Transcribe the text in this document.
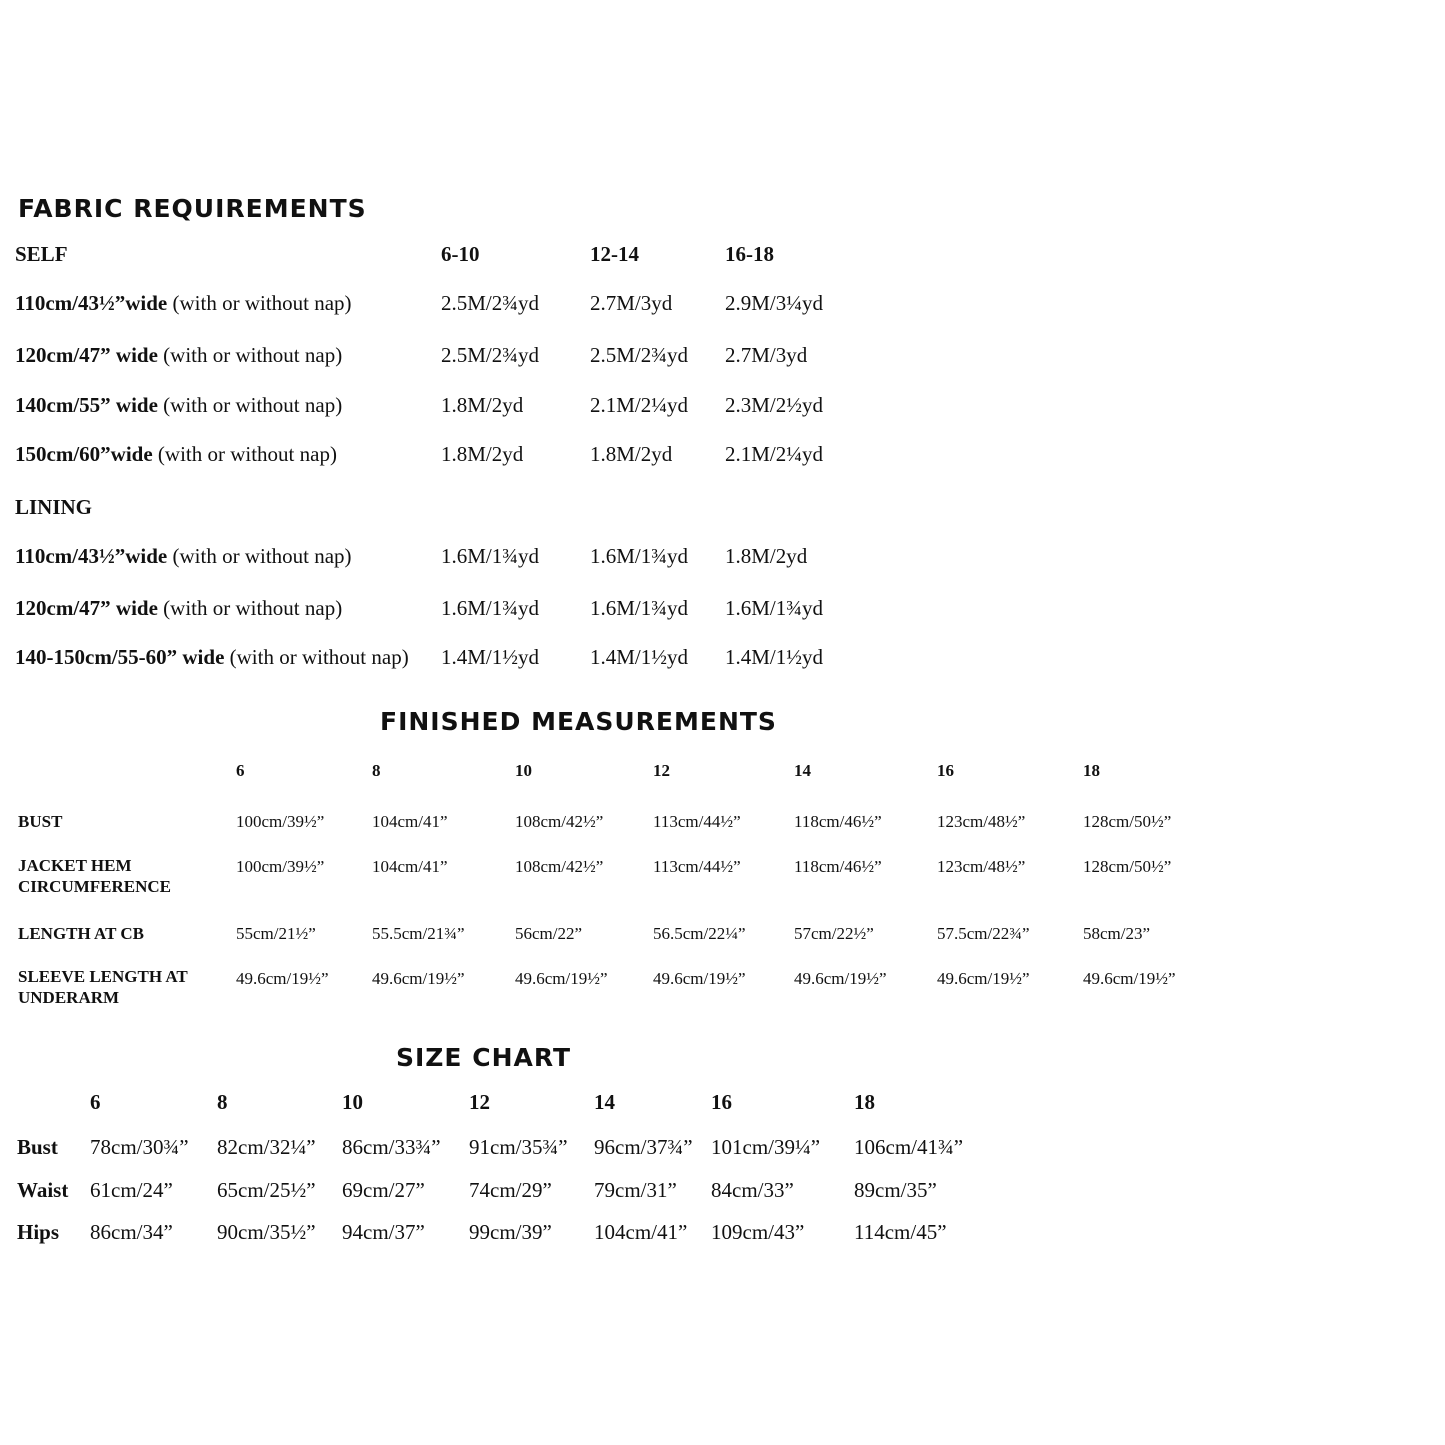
FABRIC REQUIREMENTS
SELF	6-10	12-14	16-18
110cm/43½”wide (with or without nap)	2.5M/2¾yd 2.7M/3yd	2.9M/3¼yd
120cm/47” wide (with or without nap)	2.5M/2¾yd 2.5M/2¾yd 2.7M/3yd
140cm/55” wide (with or without nap)	1.8M/2yd	2.1M/2¼yd 2.3M/2½yd
150cm/60”wide (with or without nap)	1.8M/2yd	1.8M/2yd	2.1M/2¼yd
LINING
110cm/43½”wide (with or without nap)	1.6M/1¾yd 1.6M/1¾yd 1.8M/2yd
120cm/47” wide (with or without nap)	1.6M/1¾yd 1.6M/1¾yd 1.6M/1¾yd
140-150cm/55-60” wide (with or without nap) 1.4M/1½yd 1.4M/1½yd 1.4M/1½yd
FINISHED MEASUREMENTS
6	8	10	12	14	16	18
BUST	100cm/39½”	104cm/41”	108cm/42½”	113cm/44½”	118cm/46½”	123cm/48½”	128cm/50½”
JACKET HEM
CIRCUMFERENCE
100cm/39½”	104cm/41”	108cm/42½”	113cm/44½”	118cm/46½”	123cm/48½”	128cm/50½”
LENGTH AT CB	55cm/21½”	55.5cm/21¾”	56cm/22”	56.5cm/22¼”	57cm/22½”	57.5cm/22¾”	58cm/23”
SLEEVE LENGTH AT
UNDERARM
49.6cm/19½”	49.6cm/19½”	49.6cm/19½”	49.6cm/19½”	49.6cm/19½”	49.6cm/19½”	49.6cm/19½”
SIZE CHART
6	8	10	12	14	16	18
Bust 78cm/30¾” 82cm/32¼” 86cm/33¾” 91cm/35¾” 96cm/37¾” 101cm/39¼” 106cm/41¾”
Waist 61cm/24” 65cm/25½” 69cm/27” 74cm/29” 79cm/31” 84cm/33”	89cm/35”
Hips 86cm/34” 90cm/35½” 94cm/37” 99cm/39” 104cm/41” 109cm/43” 114cm/45”
